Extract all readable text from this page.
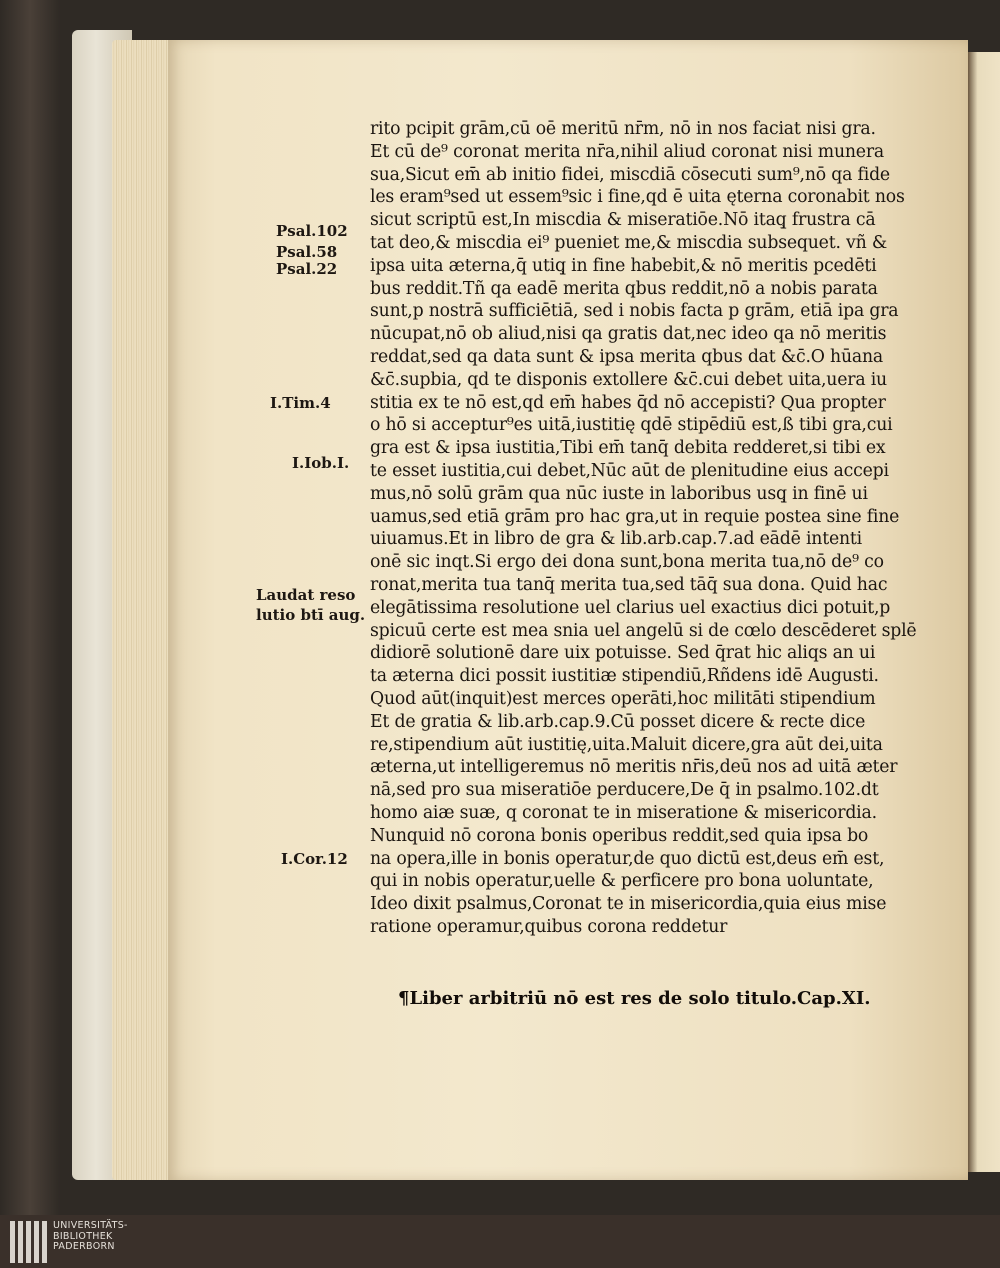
Psal.102
Psal.58
Psal.22
I.Tim.4
I.Iob.I.
Laudat reso
lutio btī aug.
I.Cor.12
rito pcipit grām,cū oē meritū nr̄m, nō in nos faciat nisi gra.
Et cū de⁹ coronat merita nr̄a,nihil aliud coronat nisi munera
sua,Sicut em̄ ab initio fidei, miscdiā cōsecuti sum⁹,nō qa fide
les eram⁹sed ut essem⁹sic i fine,qd ē uita ęterna coronabit nos
sicut scriptū est,In miscdia & miseratiōe.Nō itaq̧ frustra cā
tat deo,& miscdia ei⁹ pueniet me,& miscdia subsequet. vñ &
ipsa uita æterna,q̄ utiq̧ in fine habebit,& nō meritis pcedēti
bus reddit.Tñ qa eadē merita qbus reddit,nō a nobis parata
sunt,p nostrā sufficiētiā, sed i nobis facta p grām, etiā ipa gra
nūcupat,nō ob aliud,nisi qa gratis dat,nec ideo qa nō meritis
reddat,sed qa data sunt & ipsa merita qbus dat &c̄.O hūana
&c̄.supbia, qd te disponis extollere &c̄.cui debet uita,uera iu
stitia ex te nō est,qd em̄ habes q̄d nō accepisti? Qua propter
o hō si acceptur⁹es uitā,iustitię qdē stipēdiū est,ß tibi gra,cui
gra est & ipsa iustitia,Tibi em̄ tanq̄ debita redderet,si tibi ex
te esset iustitia,cui debet,Nūc aūt de plenitudine eius accepi
mus,nō solū grām qua nūc iuste in laboribus usq̧ in finē ui
uamus,sed etiā grām pro hac gra,ut in requie postea sine fine
uiuamus.Et in libro de gra & lib.arb.cap.7.ad eādē intenti
onē sic inqt.Si ergo dei dona sunt,bona merita tua,nō de⁹ co
ronat,merita tua tanq̄ merita tua,sed tāq̄ sua dona. Quid hac
elegātissima resolutione uel clarius uel exactius dici potuit,p
spicuū certe est mea snia uel angelū si de cœlo descēderet splē
didiorē solutionē dare uix potuisse. Sed q̄rat hic aliqs an ui
ta æterna dici possit iustitiæ stipendiū,Rñdens idē Augusti.
Quod aūt(inquit)est merces operāti,hoc militāti stipendium
Et de gratia & lib.arb.cap.9.Cū posset dicere & recte dice
re,stipendium aūt iustitię,uita.Maluit dicere,gra aūt dei,uita
æterna,ut intelligeremus nō meritis nr̄is,deū nos ad uitā æter
nā,sed pro sua miseratiōe perducere,De q̄ in psalmo.102.dt
homo aiæ suæ, q coronat te in miseratione & misericordia.
Nunquid nō corona bonis operibus reddit,sed quia ipsa bo
na opera,ille in bonis operatur,de quo dictū est,deus em̄ est,
qui in nobis operatur,uelle & perficere pro bona uoluntate,
Ideo dixit psalmus,Coronat te in misericordia,quia eius mise
ratione operamur,quibus corona reddetur
¶Liber arbitriū nō est res de solo titulo.Cap.XI.
UNIVERSITÄTS-
BIBLIOTHEK
PADERBORN
